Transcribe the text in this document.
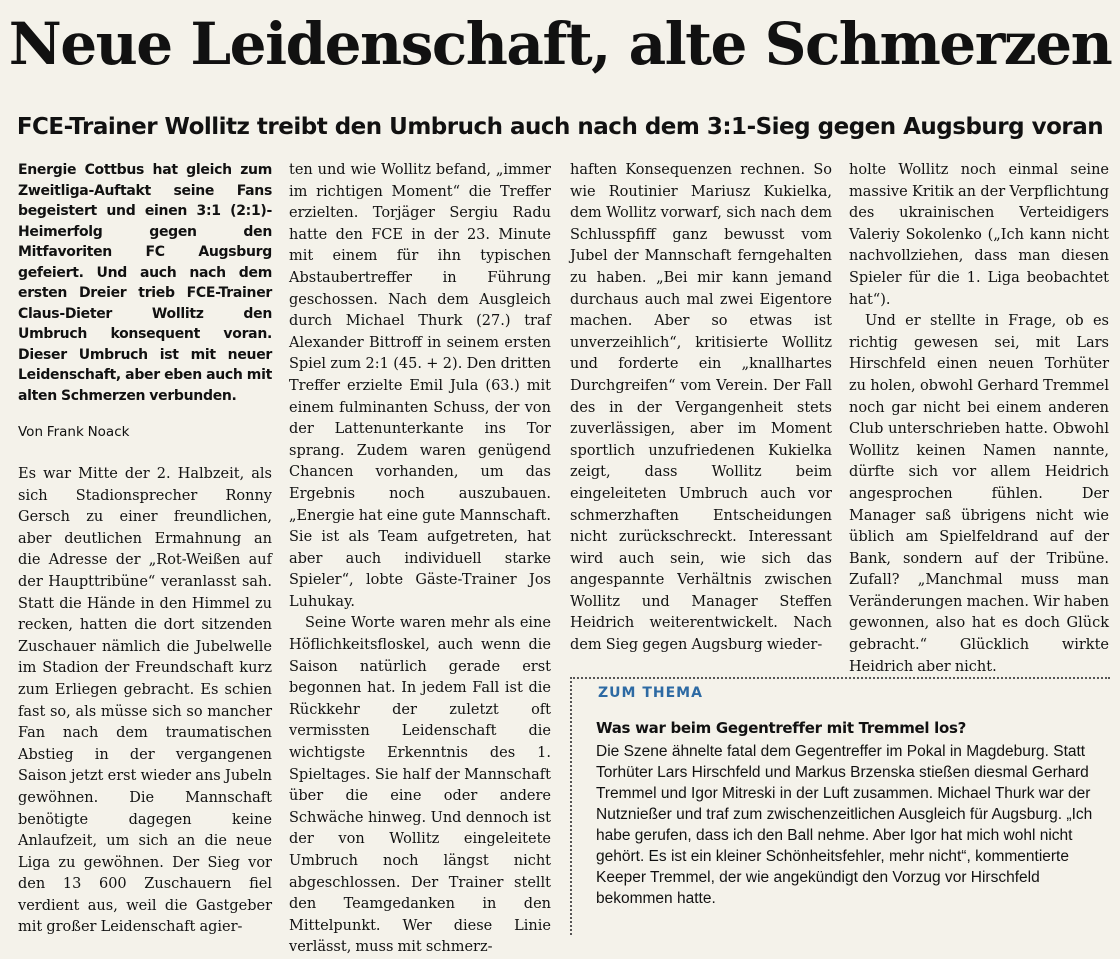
Neue Leidenschaft, alte Schmerzen
FCE-Trainer Wollitz treibt den Umbruch auch nach dem 3:1-Sieg gegen Augsburg voran

Energie Cottbus hat gleich zum Zweitliga-Auftakt seine Fans begeistert und einen 3:1 (2:1)-Heimerfolg gegen den Mitfavoriten FC Augsburg gefeiert. Und auch nach dem ersten Dreier trieb FCE-Trainer Claus-Dieter Wollitz den Umbruch konsequent voran. Dieser Umbruch ist mit neuer Leidenschaft, aber eben auch mit alten Schmerzen verbunden.

Von Frank Noack

Es war Mitte der 2. Halbzeit, als sich Stadionsprecher Ronny Gersch zu einer freundlichen, aber deutlichen Ermahnung an die Adresse der „Rot-Weißen auf der Haupttribüne“ veranlasst sah. Statt die Hände in den Himmel zu recken, hatten die dort sitzenden Zuschauer nämlich die Jubelwelle im Stadion der Freundschaft kurz zum Erliegen gebracht. Es schien fast so, als müsse sich so mancher Fan nach dem traumatischen Abstieg in der vergangenen Saison jetzt erst wieder ans Jubeln gewöhnen. Die Mannschaft benötigte dagegen keine Anlaufzeit, um sich an die neue Liga zu gewöhnen. Der Sieg vor den 13 600 Zuschauern fiel verdient aus, weil die Gastgeber mit großer Leidenschaft agier-

ten und wie Wollitz befand, „immer im richtigen Moment“ die Treffer erzielten. Torjäger Sergiu Radu hatte den FCE in der 23. Minute mit einem für ihn typischen Abstaubertreffer in Führung geschossen. Nach dem Ausgleich durch Michael Thurk (27.) traf Alexander Bittroff in seinem ersten Spiel zum 2:1 (45. + 2). Den dritten Treffer erzielte Emil Jula (63.) mit einem fulminanten Schuss, der von der Lattenunterkante ins Tor sprang. Zudem waren genügend Chancen vorhanden, um das Ergebnis noch auszubauen. „Energie hat eine gute Mannschaft. Sie ist als Team aufgetreten, hat aber auch individuell starke Spieler“, lobte Gäste-Trainer Jos Luhukay.

Seine Worte waren mehr als eine Höflichkeitsfloskel, auch wenn die Saison natürlich gerade erst begonnen hat. In jedem Fall ist die Rückkehr der zuletzt oft vermissten Leidenschaft die wichtigste Erkenntnis des 1. Spieltages. Sie half der Mannschaft über die eine oder andere Schwäche hinweg. Und dennoch ist der von Wollitz eingeleitete Umbruch noch längst nicht abgeschlossen. Der Trainer stellt den Teamgedanken in den Mittelpunkt. Wer diese Linie verlässt, muss mit schmerz-

haften Konsequenzen rechnen. So wie Routinier Mariusz Kukielka, dem Wollitz vorwarf, sich nach dem Schlusspfiff ganz bewusst vom Jubel der Mannschaft ferngehalten zu haben. „Bei mir kann jemand durchaus auch mal zwei Eigentore machen. Aber so etwas ist unverzeihlich“, kritisierte Wollitz und forderte ein „knallhartes Durchgreifen“ vom Verein. Der Fall des in der Vergangenheit stets zuverlässigen, aber im Moment sportlich unzufriedenen Kukielka zeigt, dass Wollitz beim eingeleiteten Umbruch auch vor schmerzhaften Entscheidungen nicht zurückschreckt. Interessant wird auch sein, wie sich das angespannte Verhältnis zwischen Wollitz und Manager Steffen Heidrich weiterentwickelt. Nach dem Sieg gegen Augsburg wieder-

holte Wollitz noch einmal seine massive Kritik an der Verpflichtung des ukrainischen Verteidigers Valeriy Sokolenko („Ich kann nicht nachvollziehen, dass man diesen Spieler für die 1. Liga beobachtet hat“).

Und er stellte in Frage, ob es richtig gewesen sei, mit Lars Hirschfeld einen neuen Torhüter zu holen, obwohl Gerhard Tremmel noch gar nicht bei einem anderen Club unterschrieben hatte. Obwohl Wollitz keinen Namen nannte, dürfte sich vor allem Heidrich angesprochen fühlen. Der Manager saß übrigens nicht wie üblich am Spielfeldrand auf der Bank, sondern auf der Tribüne. Zufall? „Manchmal muss man Veränderungen machen. Wir haben gewonnen, also hat es doch Glück gebracht.“ Glücklich wirkte Heidrich aber nicht.

ZUM THEMA
Was war beim Gegentreffer mit Tremmel los?

Die Szene ähnelte fatal dem Gegentreffer im Pokal in Magdeburg. Statt Torhüter Lars Hirschfeld und Markus Brzenska stießen diesmal Gerhard Tremmel und Igor Mitreski in der Luft zusammen. Michael Thurk war der Nutznießer und traf zum zwischenzeitlichen Ausgleich für Augsburg. „Ich habe gerufen, dass ich den Ball nehme. Aber Igor hat mich wohl nicht gehört. Es ist ein kleiner Schönheitsfehler, mehr nicht“, kommentierte Keeper Tremmel, der wie angekündigt den Vorzug vor Hirschfeld bekommen hatte.
